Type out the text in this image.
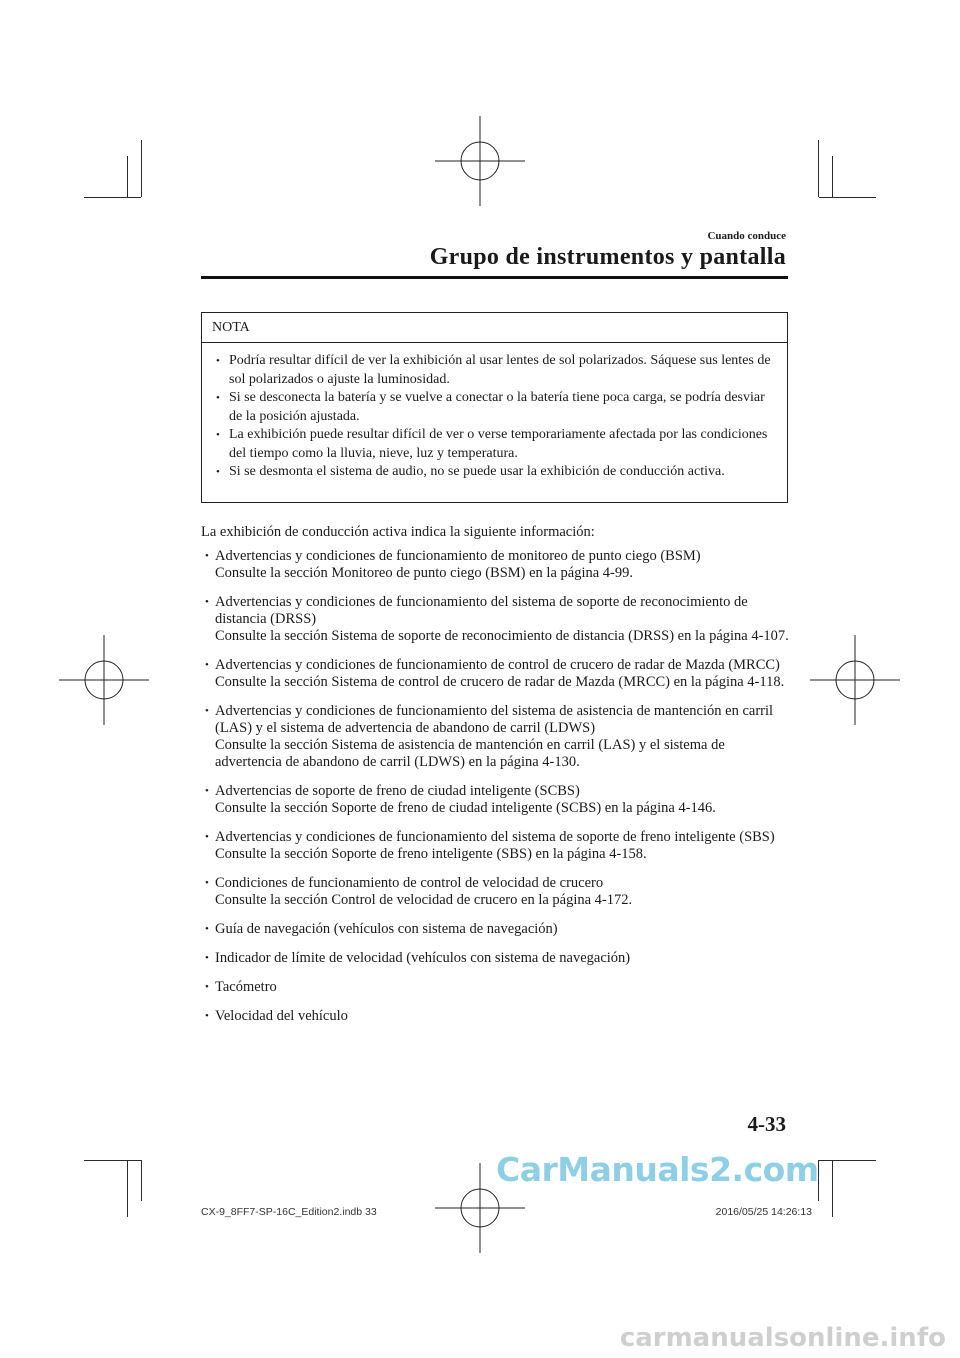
Cuando conduce
Grupo de instrumentos y pantalla
NOTA
• Podría resultar difícil de ver la exhibición al usar lentes de sol polarizados. Sáquese sus lentes de sol polarizados o ajuste la luminosidad.
• Si se desconecta la batería y se vuelve a conectar o la batería tiene poca carga, se podría desviar de la posición ajustada.
• La exhibición puede resultar difícil de ver o verse temporariamente afectada por las condiciones del tiempo como la lluvia, nieve, luz y temperatura.
• Si se desmonta el sistema de audio, no se puede usar la exhibición de conducción activa.
La exhibición de conducción activa indica la siguiente información:
• Advertencias y condiciones de funcionamiento de monitoreo de punto ciego (BSM)
Consulte la sección Monitoreo de punto ciego (BSM) en la página 4-99.
• Advertencias y condiciones de funcionamiento del sistema de soporte de reconocimiento de distancia (DRSS)
Consulte la sección Sistema de soporte de reconocimiento de distancia (DRSS) en la página 4-107.
• Advertencias y condiciones de funcionamiento de control de crucero de radar de Mazda (MRCC)
Consulte la sección Sistema de control de crucero de radar de Mazda (MRCC) en la página 4-118.
• Advertencias y condiciones de funcionamiento del sistema de asistencia de mantención en carril (LAS) y el sistema de advertencia de abandono de carril (LDWS)
Consulte la sección Sistema de asistencia de mantención en carril (LAS) y el sistema de advertencia de abandono de carril (LDWS) en la página 4-130.
• Advertencias de soporte de freno de ciudad inteligente (SCBS)
Consulte la sección Soporte de freno de ciudad inteligente (SCBS) en la página 4-146.
• Advertencias y condiciones de funcionamiento del sistema de soporte de freno inteligente (SBS)
Consulte la sección Soporte de freno inteligente (SBS) en la página 4-158.
• Condiciones de funcionamiento de control de velocidad de crucero
Consulte la sección Control de velocidad de crucero en la página 4-172.
• Guía de navegación (vehículos con sistema de navegación)
• Indicador de límite de velocidad (vehículos con sistema de navegación)
• Tacómetro
• Velocidad del vehículo
4-33
CarManuals2.com
CX-9_8FF7-SP-16C_Edition2.indb 33	2016/05/25 14:26:13
carmanualsonline.info
